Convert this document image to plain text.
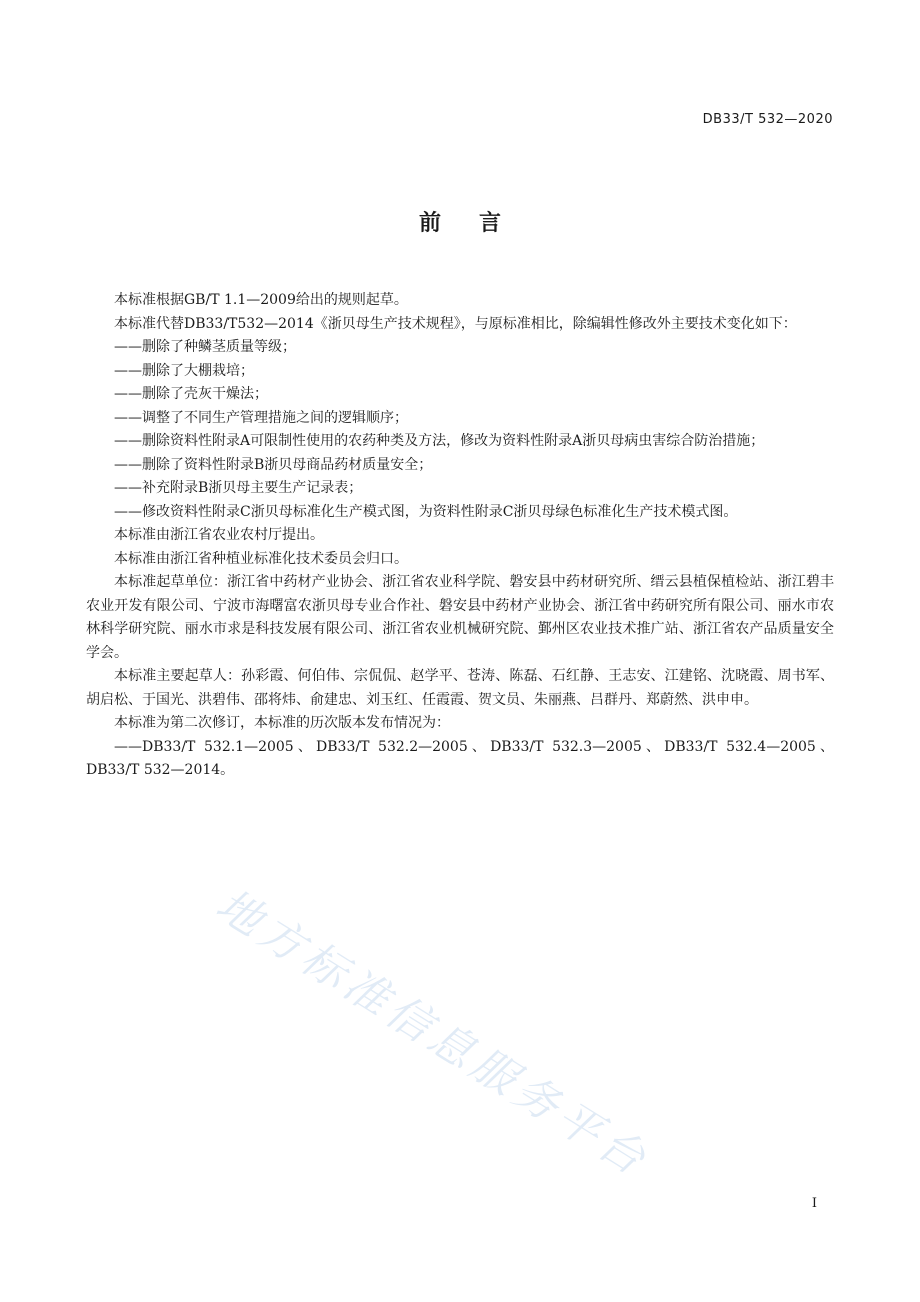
DB33/T 532—2020
前言

本标准根据GB/T 1.1—2009给出的规则起草。

本标准代替DB33/T532—2014《浙贝母生产技术规程》，与原标准相比，除编辑性修改外主要技术变化如下：

——删除了种鳞茎质量等级；

——删除了大棚栽培；

——删除了壳灰干燥法；

——调整了不同生产管理措施之间的逻辑顺序；

——删除资料性附录A可限制性使用的农药种类及方法，修改为资料性附录A浙贝母病虫害综合防治措施；

——删除了资料性附录B浙贝母商品药材质量安全；

——补充附录B浙贝母主要生产记录表；

——修改资料性附录C浙贝母标准化生产模式图，为资料性附录C浙贝母绿色标准化生产技术模式图。

本标准由浙江省农业农村厅提出。

本标准由浙江省种植业标准化技术委员会归口。

本标准起草单位：浙江省中药材产业协会、浙江省农业科学院、磐安县中药材研究所、缙云县植保植检站、浙江碧丰农业开发有限公司、宁波市海曙富农浙贝母专业合作社、磐安县中药材产业协会、浙江省中药研究所有限公司、丽水市农林科学研究院、丽水市求是科技发展有限公司、浙江省农业机械研究院、鄞州区农业技术推广站、浙江省农产品质量安全学会。

本标准主要起草人：孙彩霞、何伯伟、宗侃侃、赵学平、苍涛、陈磊、石红静、王志安、江建铭、沈晓霞、周书军、胡启松、于国光、洪碧伟、邵将炜、俞建忠、刘玉红、任霞霞、贺文员、朱丽燕、吕群丹、郑蔚然、洪申申。

本标准为第二次修订，本标准的历次版本发布情况为：

——DB33/T 532.1—2005、DB33/T 532.2—2005、DB33/T 532.3—2005、DB33/T 532.4—2005、DB33/T 532—2014。

I
地方标准信息服务平台
